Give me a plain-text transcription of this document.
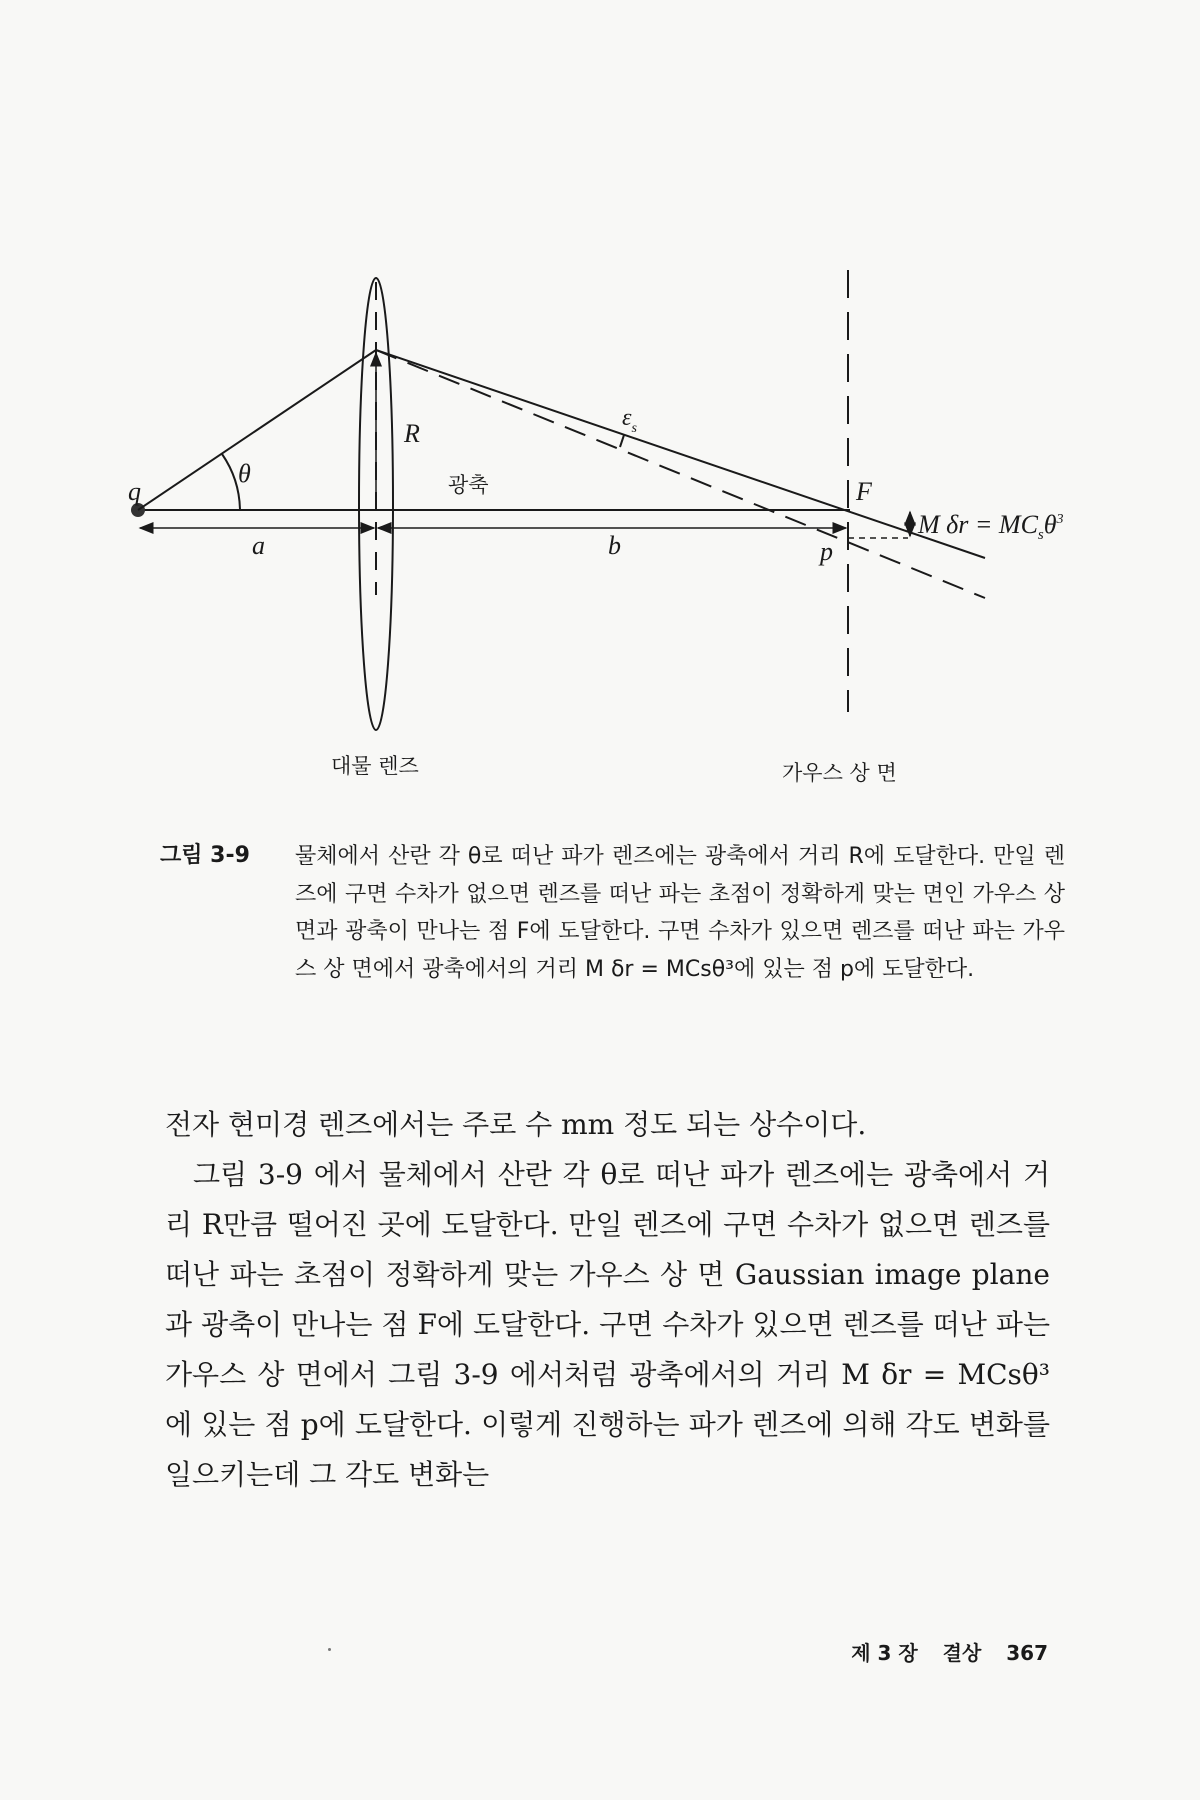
q
θ
R
광축
$\varepsilon_s$
F
a	b	p
M $\delta r = MC_s\theta^3$
대물 렌즈	가우스 상 면
그림 3-9 물체에서 산란 각 θ로 떠난 파가 렌즈에는 광축에서 거리 R에 도달한다. 만일 렌즈에 구면 수차가 없으면 렌즈를 떠난 파는 초점이 정확하게 맞는 면인 가우스 상 면과 광축이 만나는 점 F에 도달한다. 구면 수차가 있으면 렌즈를 떠난 파는 가우스 상 면에서 광축에서의 거리 M δr = MCsθ³에 있는 점 p에 도달한다.

전자 현미경 렌즈에서는 주로 수 mm 정도 되는 상수이다.

그림 3-9 에서 물체에서 산란 각 θ로 떠난 파가 렌즈에는 광축에서 거리 R만큼 떨어진 곳에 도달한다. 만일 렌즈에 구면 수차가 없으면 렌즈를 떠난 파는 초점이 정확하게 맞는 가우스 상 면 Gaussian image plane 과 광축이 만나는 점 F에 도달한다. 구면 수차가 있으면 렌즈를 떠난 파는 가우스 상 면에서 그림 3-9 에서처럼 광축에서의 거리 M δr = MCsθ³에 있는 점 p에 도달한다. 이렇게 진행하는 파가 렌즈에 의해 각도 변화를 일으키는데 그 각도 변화는

제 3 장 결상 367
